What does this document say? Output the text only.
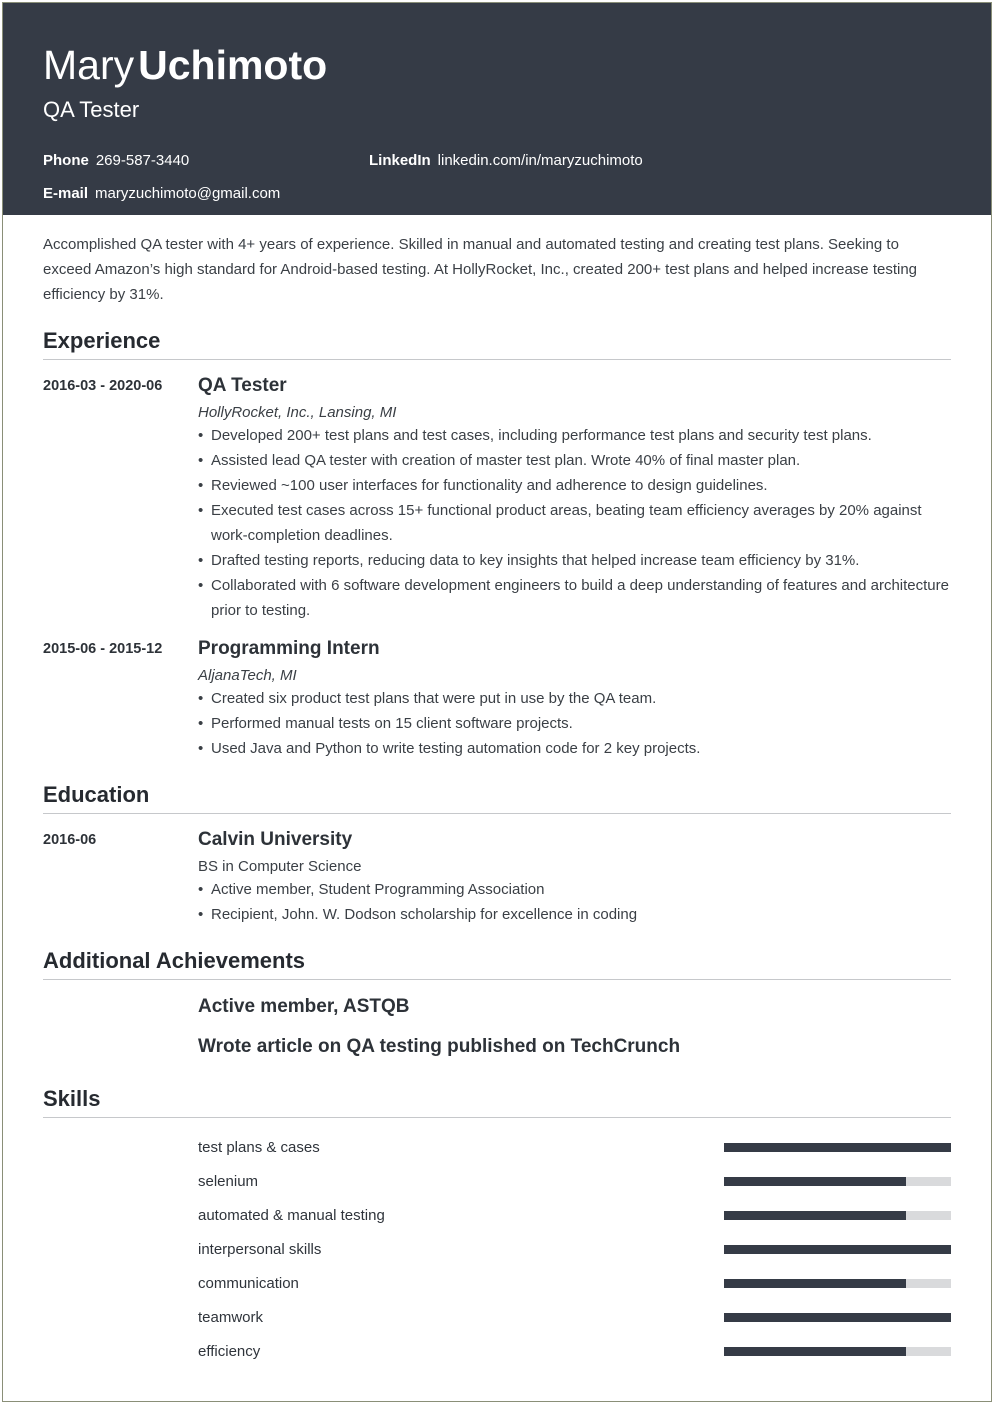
MaryUchimoto
QA Tester
Phone 269-587-3440	LinkedIn linkedin.com/in/maryzuchimoto
E-mail maryzuchimoto@gmail.com
Accomplished QA tester with 4+ years of experience. Skilled in manual and automated testing and creating test plans. Seeking to exceed Amazon’s high standard for Android-based testing. At HollyRocket, Inc., created 200+ test plans and helped increase testing efficiency by 31%.
Experience
2016-03 - 2020-06	QA Tester
HollyRocket, Inc., Lansing, MI
• Developed 200+ test plans and test cases, including performance test plans and security test plans.
• Assisted lead QA tester with creation of master test plan. Wrote 40% of final master plan.
• Reviewed ~100 user interfaces for functionality and adherence to design guidelines.
• Executed test cases across 15+ functional product areas, beating team efficiency averages by 20% against work-completion deadlines.
• Drafted testing reports, reducing data to key insights that helped increase team efficiency by 31%.
• Collaborated with 6 software development engineers to build a deep understanding of features and architecture prior to testing.
2015-06 - 2015-12	Programming Intern
AljanaTech, MI
• Created six product test plans that were put in use by the QA team.
• Performed manual tests on 15 client software projects.
• Used Java and Python to write testing automation code for 2 key projects.
Education
2016-06	Calvin University
BS in Computer Science
• Active member, Student Programming Association
• Recipient, John. W. Dodson scholarship for excellence in coding
Additional Achievements
Active member, ASTQB
Wrote article on QA testing published on TechCrunch
Skills
test plans & cases
selenium
automated & manual testing
interpersonal skills
communication
teamwork
efficiency
